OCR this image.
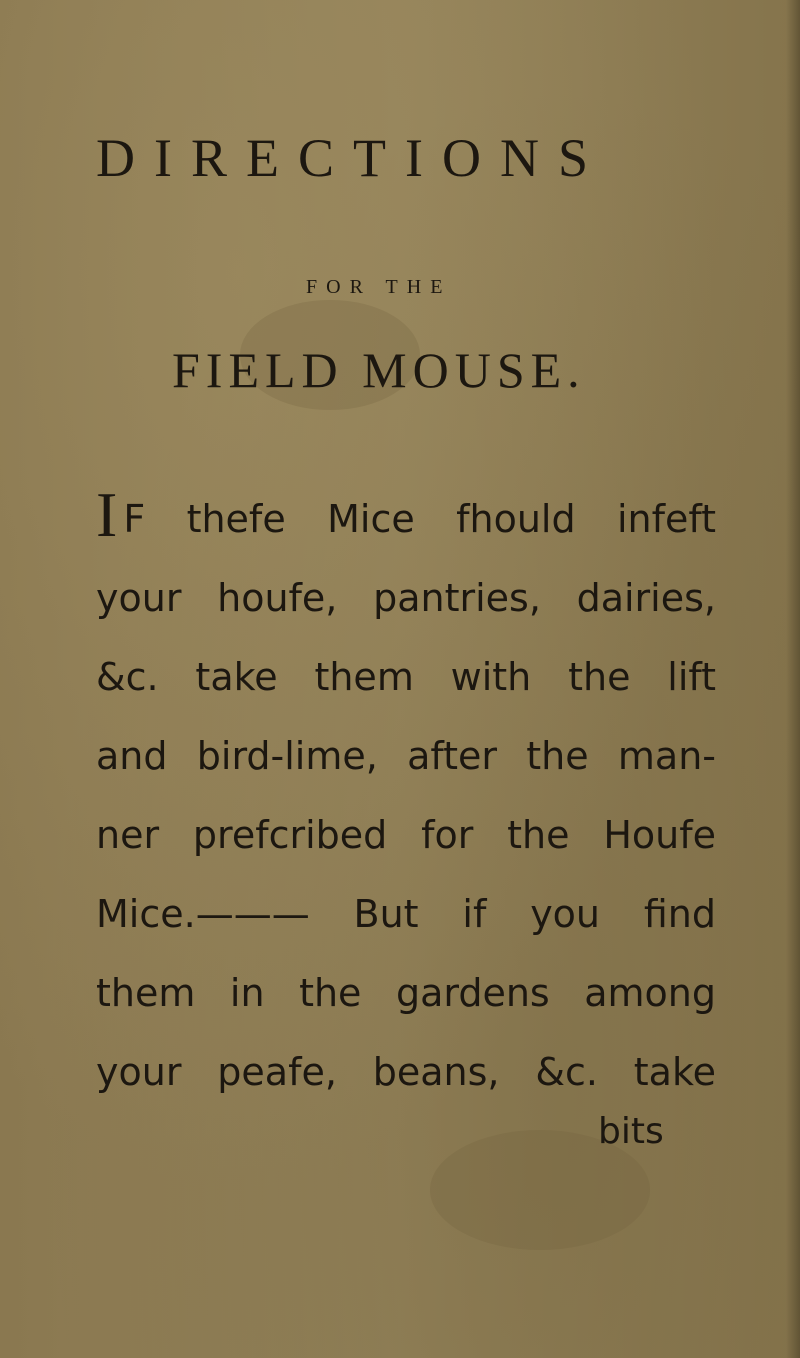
DIRECTIONS
FOR THE
FIELD MOUSE.
I F thefe Mice fhould infeft
your houfe, pantries, dairies,
&c. take them with the lift
and bird-lime, after the man-
ner prefcribed for the Houfe
Mice.——— But if you find
them in the gardens among
your peafe, beans, &c. take

bits
